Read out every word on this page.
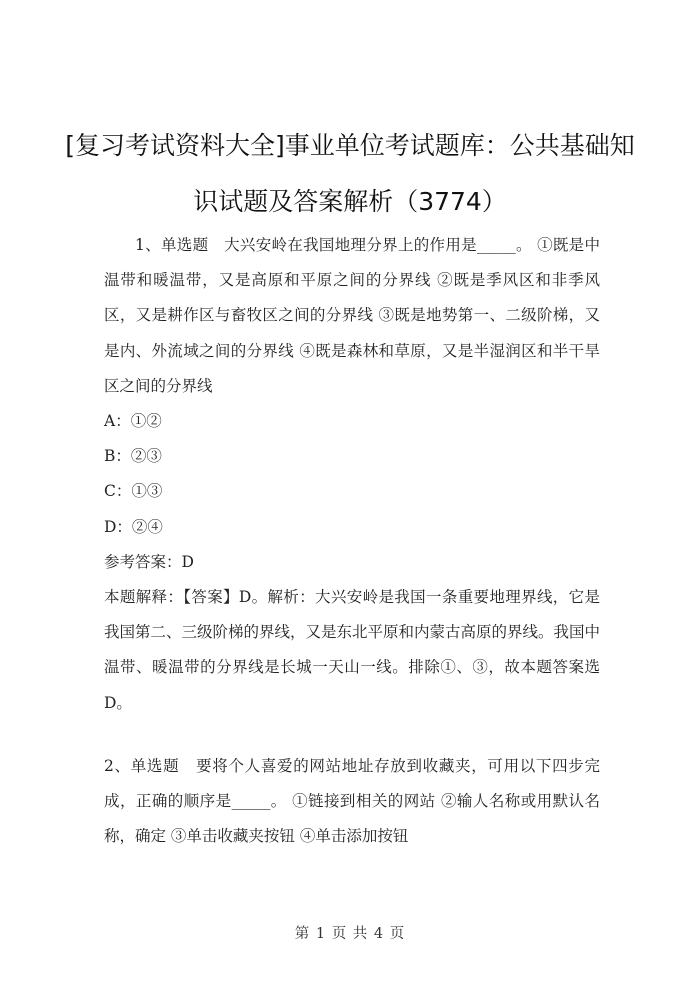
[复习考试资料大全]事业单位考试题库：公共基础知识试题及答案解析（3774）
1、单选题 大兴安岭在我国地理分界上的作用是_____。 ①既是中温带和暖温带，又是高原和平原之间的分界线 ②既是季风区和非季风区，又是耕作区与畜牧区之间的分界线 ③既是地势第一、二级阶梯，又是内、外流域之间的分界线 ④既是森林和草原，又是半湿润区和半干旱区之间的分界线
A：①②
B：②③
C：①③
D：②④
参考答案：D
本题解释：【答案】D。解析：大兴安岭是我国一条重要地理界线，它是我国第二、三级阶梯的界线，又是东北平原和内蒙古高原的界线。我国中温带、暖温带的分界线是长城一天山一线。排除①、③，故本题答案选D。
2、单选题 要将个人喜爱的网站地址存放到收藏夹，可用以下四步完成，正确的顺序是_____。 ①链接到相关的网站 ②输人名称或用默认名称，确定 ③单击收藏夹按钮 ④单击添加按钮
第 1 页 共 4 页
